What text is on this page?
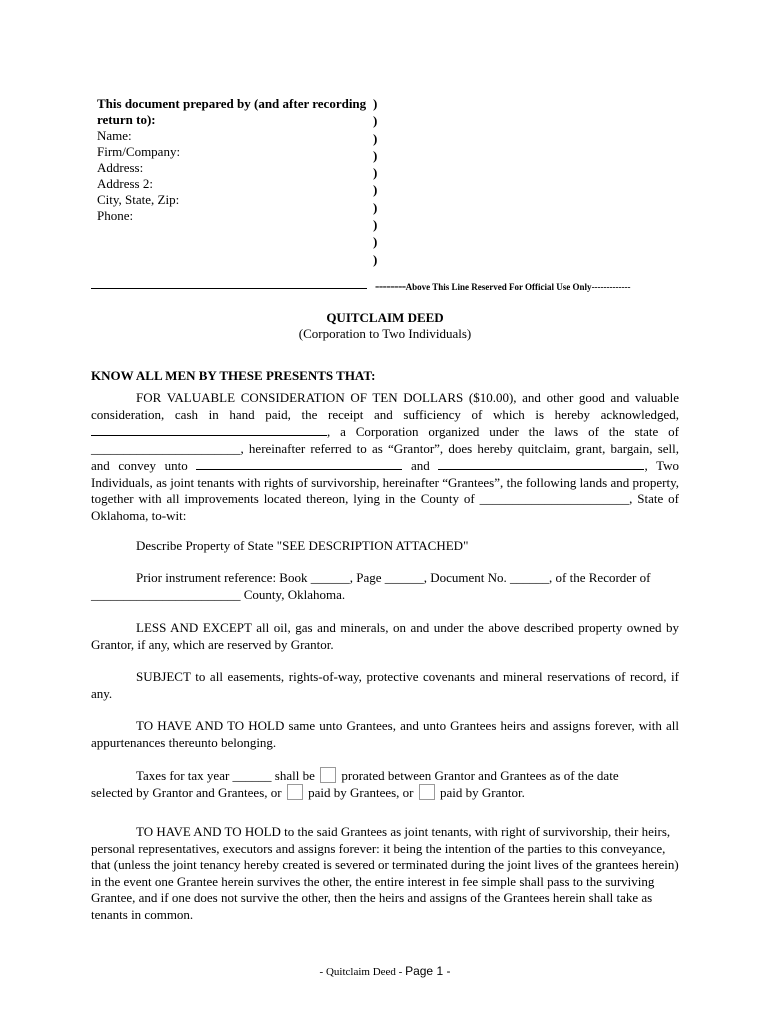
This document prepared by (and after recording return to):
Name:
Firm/Company:
Address:
Address 2:
City, State, Zip:
Phone:
)
)
)
)
)
)
)
)
)
)
--------Above This Line Reserved For Official Use Only-------------
QUITCLAIM DEED
(Corporation to Two Individuals)
KNOW ALL MEN BY THESE PRESENTS THAT:
FOR VALUABLE CONSIDERATION OF TEN DOLLARS ($10.00), and other good and valuable consideration, cash in hand paid, the receipt and sufficiency of which is hereby acknowledged, , a Corporation organized under the laws of the state of _______________________, hereinafter referred to as “Grantor”, does hereby quitclaim, grant, bargain, sell, and convey unto	and	, Two Individuals, as joint tenants with rights of survivorship, hereinafter “Grantees”, the following lands and property, together with all improvements located thereon, lying in the County of _______________________, State of Oklahoma, to-wit:
Describe Property of State "SEE DESCRIPTION ATTACHED"
Prior instrument reference: Book ______, Page ______, Document No. ______, of the Recorder of
_______________________ County, Oklahoma.
LESS AND EXCEPT all oil, gas and minerals, on and under the above described property owned by Grantor, if any, which are reserved by Grantor.
SUBJECT to all easements, rights-of-way, protective covenants and mineral reservations of record, if any.
TO HAVE AND TO HOLD same unto Grantees, and unto Grantees heirs and assigns forever, with all appurtenances thereunto belonging.
Taxes for tax year ______ shall be prorated between Grantor and Grantees as of the date
selected by Grantor and Grantees, or paid by Grantees, or paid by Grantor.
TO HAVE AND TO HOLD to the said Grantees as joint tenants, with right of survivorship, their heirs, personal representatives, executors and assigns forever: it being the intention of the parties to this conveyance, that (unless the joint tenancy hereby created is severed or terminated during the joint lives of the grantees herein) in the event one Grantee herein survives the other, the entire interest in fee simple shall pass to the surviving Grantee, and if one does not survive the other, then the heirs and assigns of the Grantees herein shall take as tenants in common.
- Quitclaim Deed - Page 1 -
